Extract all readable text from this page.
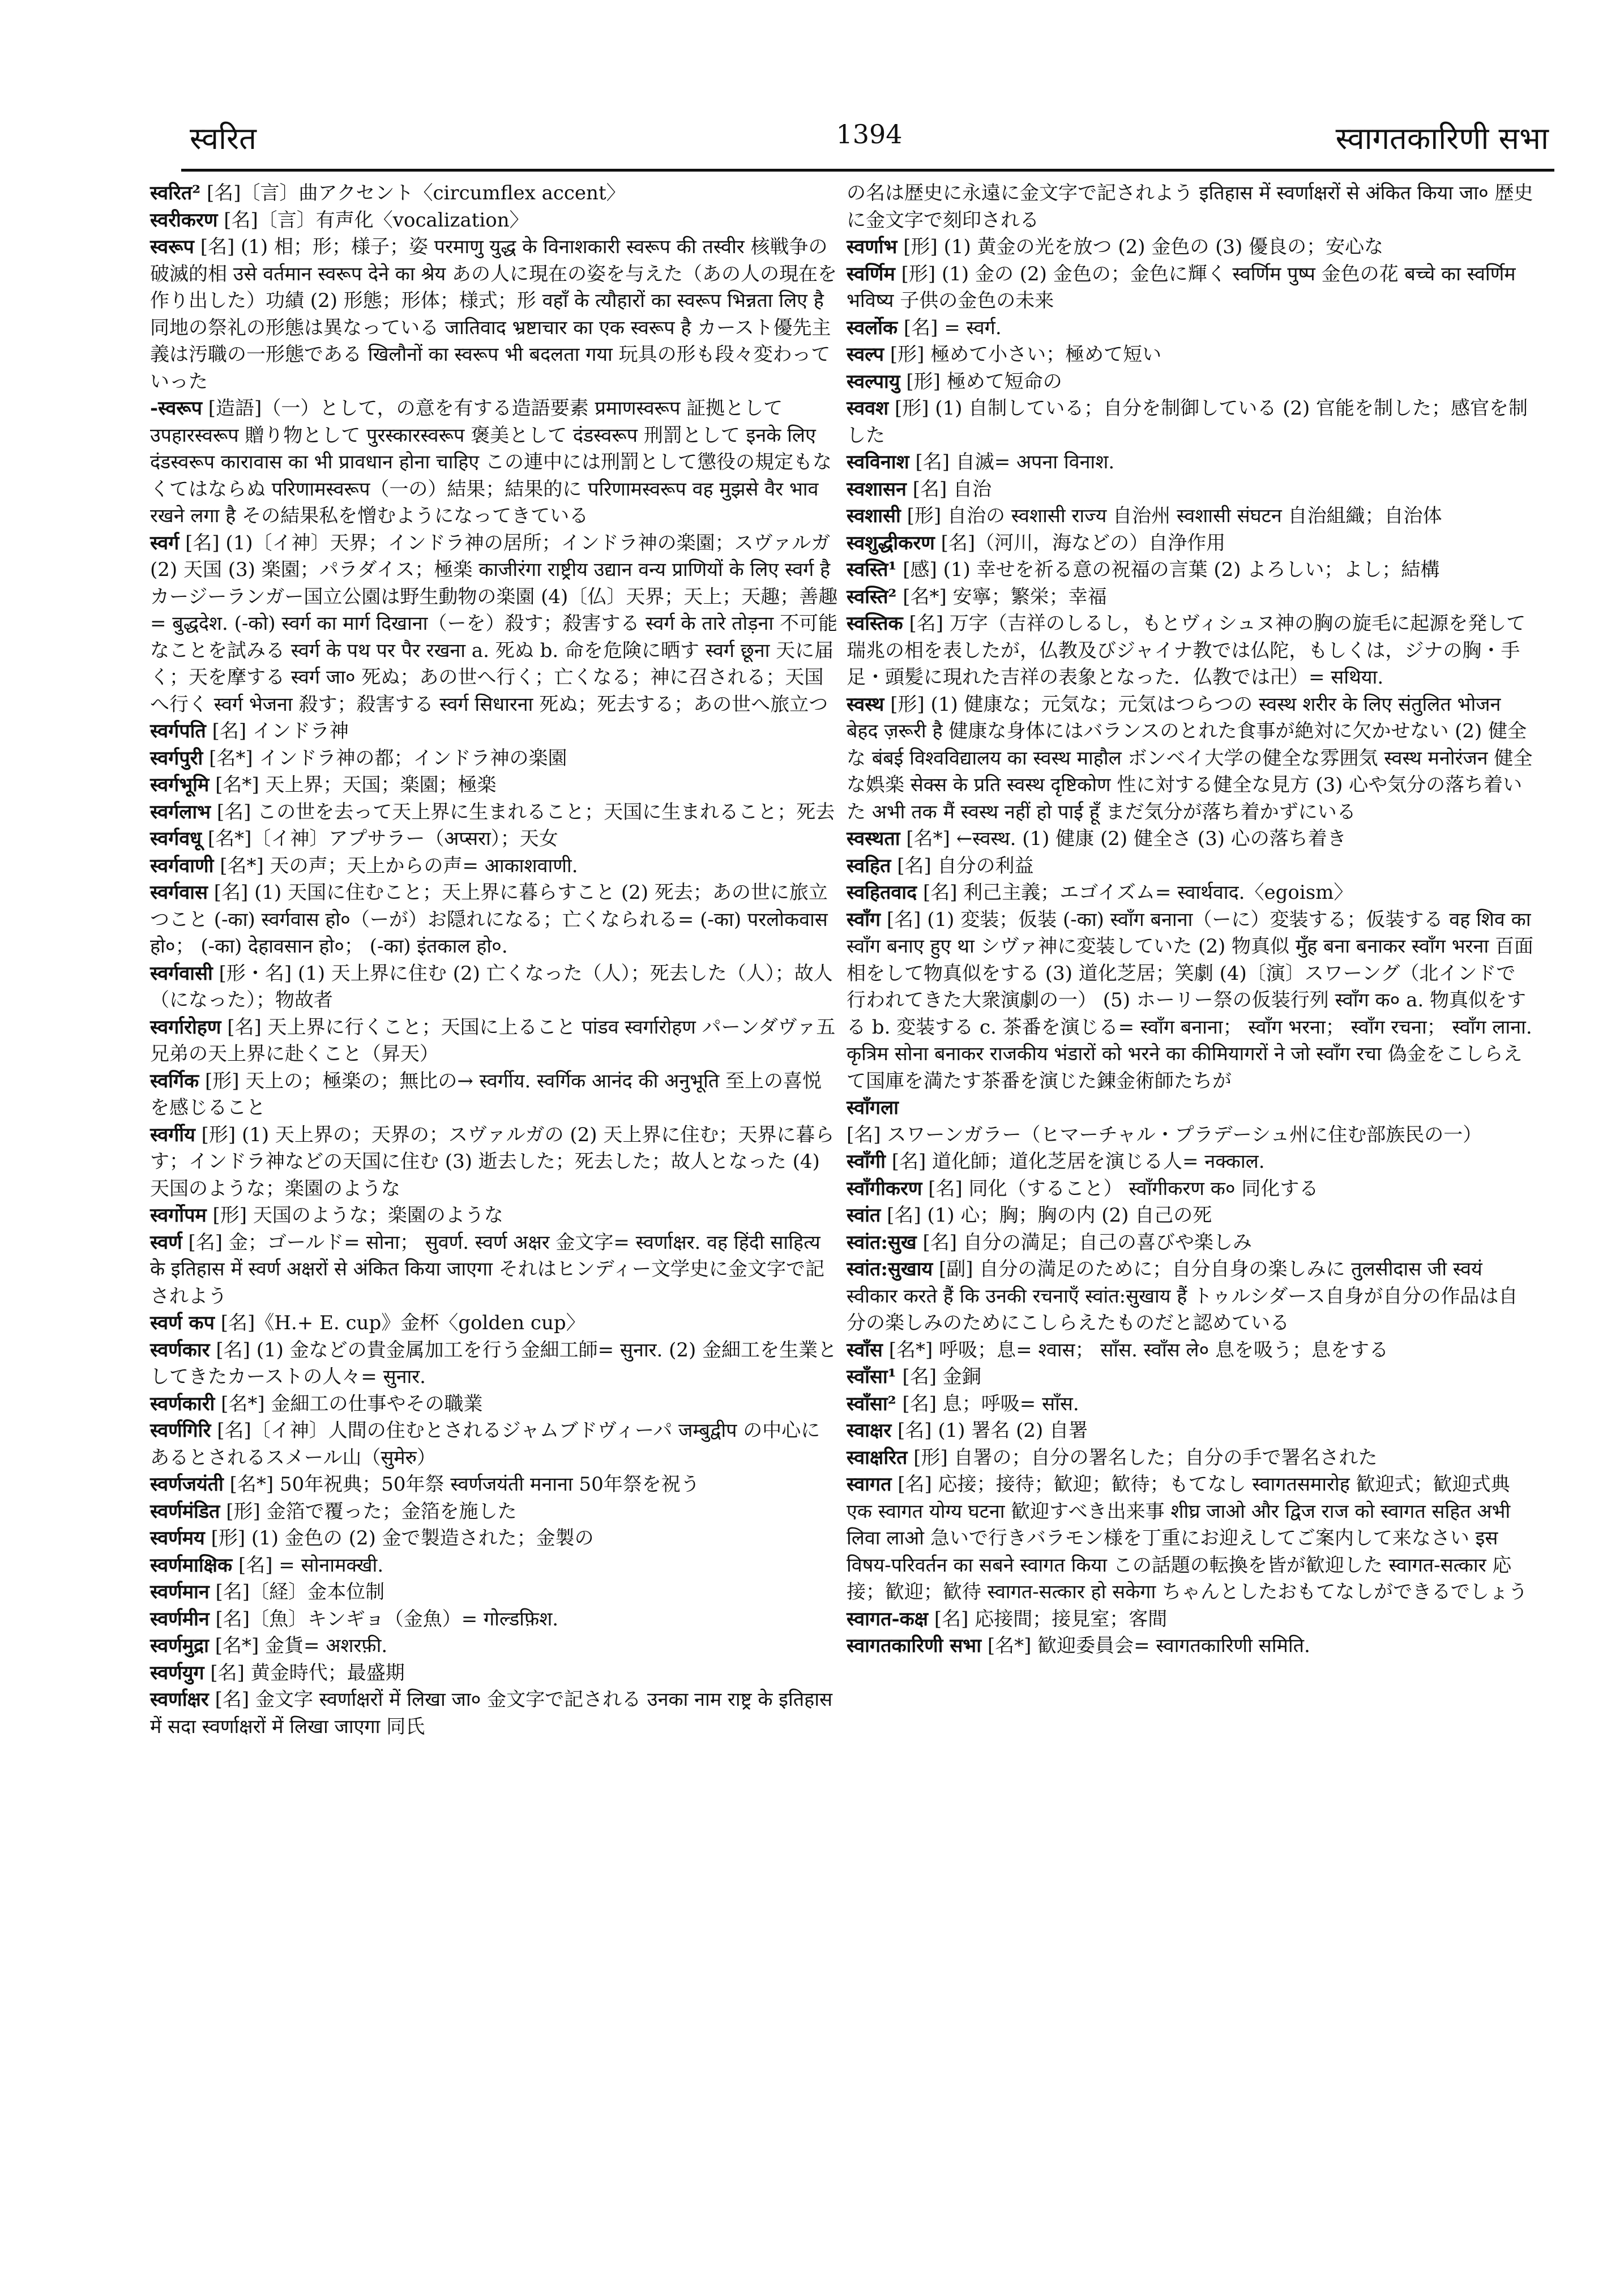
स्वरित	1394	स्वागतकारिणी सभा

स्वरित² [名]〔言〕曲アクセント〈circumflex accent〉

स्वरीकरण [名]〔言〕有声化〈vocalization〉

स्वरूप [名] (1) 相；形；様子；姿 परमाणु युद्ध के विनाशकारी स्वरूप की तस्वीर 核戦争の破滅的相 उसे वर्तमान स्वरूप देने का श्रेय あの人に現在の姿を与えた（あの人の現在を作り出した）功績 (2) 形態；形体；様式；形 वहाँ के त्यौहारों का स्वरूप भिन्नता लिए है 同地の祭礼の形態は異なっている जातिवाद भ्रष्टाचार का एक स्वरूप है カースト優先主義は汚職の一形態である खिलौनों का स्वरूप भी बदलता गया 玩具の形も段々変わっていった

-स्वरूप [造語]（一）として，の意を有する造語要素 प्रमाणस्वरूप 証拠として उपहारस्वरूप 贈り物として पुरस्कारस्वरूप 褒美として दंडस्वरूप 刑罰として इनके लिए दंडस्वरूप कारावास का भी प्रावधान होना चाहिए この連中には刑罰として懲役の規定もなくてはならぬ परिणामस्वरूप（一の）結果；結果的に परिणामस्वरूप वह मुझसे वैर भाव रखने लगा है その結果私を憎むようになってきている

स्वर्ग [名] (1)〔イ神〕天界；インドラ神の居所；インドラ神の楽園；スヴァルガ (2) 天国 (3) 楽園；パラダイス；極楽 काजीरंगा राष्ट्रीय उद्यान वन्य प्राणियों के लिए स्वर्ग है カージーランガー国立公園は野生動物の楽園 (4)〔仏〕天界；天上；天趣；善趣= बुद्धदेश. (-को) स्वर्ग का मार्ग दिखाना（ーを）殺す；殺害する स्वर्ग के तारे तोड़ना 不可能なことを試みる स्वर्ग के पथ पर पैर रखना a. 死ぬ b. 命を危険に晒す स्वर्ग छूना 天に届く；天を摩する स्वर्ग जा० 死ぬ；あの世へ行く；亡くなる；神に召される；天国へ行く स्वर्ग भेजना 殺す；殺害する स्वर्ग सिधारना 死ぬ；死去する；あの世へ旅立つ

स्वर्गपति [名] インドラ神

स्वर्गपुरी [名*] インドラ神の都；インドラ神の楽園

स्वर्गभूमि [名*] 天上界；天国；楽園；極楽

स्वर्गलाभ [名] この世を去って天上界に生まれること；天国に生まれること；死去

स्वर्गवधू [名*]〔イ神〕アプサラー（अप्सरा）；天女

स्वर्गवाणी [名*] 天の声；天上からの声= आकाशवाणी.

स्वर्गवास [名] (1) 天国に住むこと；天上界に暮らすこと (2) 死去；あの世に旅立つこと (-का) स्वर्गवास हो०（ーが）お隠れになる；亡くなられる= (-का) परलोकवास हो०； (-का) देहावसान हो०； (-का) इंतकाल हो०.

स्वर्गवासी [形・名] (1) 天上界に住む (2) 亡くなった（人）；死去した（人）；故人（になった）；物故者

स्वर्गारोहण [名] 天上界に行くこと；天国に上ること पांडव स्वर्गारोहण パーンダヴァ五兄弟の天上界に赴くこと（昇天）

स्वर्गिक [形] 天上の；極楽の；無比の→ स्वर्गीय. स्वर्गिक आनंद की अनुभूति 至上の喜悦を感じること

स्वर्गीय [形] (1) 天上界の；天界の；スヴァルガの (2) 天上界に住む；天界に暮らす；インドラ神などの天国に住む (3) 逝去した；死去した；故人となった (4) 天国のような；楽園のような

स्वर्गोपम [形] 天国のような；楽園のような

स्वर्ण [名] 金；ゴールド= सोना； सुवर्ण. स्वर्ण अक्षर 金文字= स्वर्णाक्षर. वह हिंदी साहित्य के इतिहास में स्वर्ण अक्षरों से अंकित किया जाएगा それはヒンディー文学史に金文字で記されよう

स्वर्ण कप [名]《H.+ E. cup》金杯〈golden cup〉

स्वर्णकार [名] (1) 金などの貴金属加工を行う金細工師= सुनार. (2) 金細工を生業としてきたカーストの人々= सुनार.

स्वर्णकारी [名*] 金細工の仕事やその職業

स्वर्णगिरि [名]〔イ神〕人間の住むとされるジャムブドヴィーパ जम्बुद्वीप の中心にあるとされるスメール山（सुमेरु）

स्वर्णजयंती [名*] 50年祝典；50年祭 स्वर्णजयंती मनाना 50年祭を祝う

स्वर्णमंडित [形] 金箔で覆った；金箔を施した

स्वर्णमय [形] (1) 金色の (2) 金で製造された；金製の

स्वर्णमाक्षिक [名] = सोनामक्खी.

स्वर्णमान [名]〔経〕金本位制

स्वर्णमीन [名]〔魚〕キンギョ（金魚）= गोल्डफ़िश.

स्वर्णमुद्रा [名*] 金貨= अशरफ़ी.

स्वर्णयुग [名] 黄金時代；最盛期

स्वर्णाक्षर [名] 金文字 स्वर्णाक्षरों में लिखा जा० 金文字で記される उनका नाम राष्ट्र के इतिहास में सदा स्वर्णाक्षरों में लिखा जाएगा 同氏

の名は歴史に永遠に金文字で記されよう इतिहास में स्वर्णाक्षरों से अंकित किया जा० 歴史に金文字で刻印される

स्वर्णाभ [形] (1) 黄金の光を放つ (2) 金色の (3) 優良の；安心な

स्वर्णिम [形] (1) 金の (2) 金色の；金色に輝く स्वर्णिम पुष्प 金色の花 बच्चे का स्वर्णिम भविष्य 子供の金色の未来

स्वर्लोक [名] = स्वर्ग.

स्वल्प [形] 極めて小さい；極めて短い

स्वल्पायु [形] 極めて短命の

स्ववश [形] (1) 自制している；自分を制御している (2) 官能を制した；感官を制した

स्वविनाश [名] 自滅= अपना विनाश.

स्वशासन [名] 自治

स्वशासी [形] 自治の स्वशासी राज्य 自治州 स्वशासी संघटन 自治組織；自治体

स्वशुद्धीकरण [名]（河川，海などの）自浄作用

स्वस्ति¹ [感] (1) 幸せを祈る意の祝福の言葉 (2) よろしい；よし；結構

स्वस्ति² [名*] 安寧；繁栄；幸福

स्वस्तिक [名] 万字（吉祥のしるし，もとヴィシュヌ神の胸の旋毛に起源を発して瑞兆の相を表したが，仏教及びジャイナ教では仏陀，もしくは，ジナの胸・手足・頭髪に現れた吉祥の表象となった．仏教では卍）= सथिया.

स्वस्थ [形] (1) 健康な；元気な；元気はつらつの स्वस्थ शरीर के लिए संतुलित भोजन बेहद ज़रूरी है 健康な身体にはバランスのとれた食事が絶対に欠かせない (2) 健全な बंबई विश्वविद्यालय का स्वस्थ माहौल ボンベイ大学の健全な雰囲気 स्वस्थ मनोरंजन 健全な娯楽 सेक्स के प्रति स्वस्थ दृष्टिकोण 性に対する健全な見方 (3) 心や気分の落ち着いた अभी तक मैं स्वस्थ नहीं हो पाई हूँ まだ気分が落ち着かずにいる

स्वस्थता [名*] ←स्वस्थ. (1) 健康 (2) 健全さ (3) 心の落ち着き

स्वहित [名] 自分の利益

स्वहितवाद [名] 利己主義；エゴイズム= स्वार्थवाद.〈egoism〉

स्वाँग [名] (1) 変装；仮装 (-का) स्वाँग बनाना（ーに）変装する；仮装する वह शिव का स्वाँग बनाए हुए था シヴァ神に変装していた (2) 物真似 मुँह बना बनाकर स्वाँग भरना 百面相をして物真似をする (3) 道化芝居；笑劇 (4)〔演〕スワーング（北インドで行われてきた大衆演劇の一） (5) ホーリー祭の仮装行列 स्वाँग क० a. 物真似をする b. 変装する c. 茶番を演じる= स्वाँग बनाना； स्वाँग भरना； स्वाँग रचना； स्वाँग लाना. कृत्रिम सोना बनाकर राजकीय भंडारों को भरने का कीमियागरों ने जो स्वाँग रचा 偽金をこしらえて国庫を満たす茶番を演じた錬金術師たちが

स्वाँगला [名] スワーンガラー（ヒマーチャル・プラデーシュ州に住む部族民の一）

स्वाँगी [名] 道化師；道化芝居を演じる人= नक्काल.

स्वाँगीकरण [名] 同化（すること） स्वाँगीकरण क० 同化する

स्वांत [名] (1) 心；胸；胸の内 (2) 自己の死

स्वांत:सुख [名] 自分の満足；自己の喜びや楽しみ

स्वांत:सुखाय [副] 自分の満足のために；自分自身の楽しみに तुलसीदास जी स्वयं स्वीकार करते हैं कि उनकी रचनाएँ स्वांत:सुखाय हैं トゥルシダース自身が自分の作品は自分の楽しみのためにこしらえたものだと認めている

स्वाँस [名*] 呼吸；息= श्वास； साँस. स्वाँस ले० 息を吸う；息をする

स्वाँसा¹ [名] 金銅

स्वाँसा² [名] 息；呼吸= साँस.

स्वाक्षर [名] (1) 署名 (2) 自署

स्वाक्षरित [形] 自署の；自分の署名した；自分の手で署名された

स्वागत [名] 応接；接待；歓迎；歓待；もてなし स्वागतसमारोह 歓迎式；歓迎式典 एक स्वागत योग्य घटना 歓迎すべき出来事 शीघ्र जाओ और द्विज राज को स्वागत सहित अभी लिवा लाओ 急いで行きバラモン様を丁重にお迎えしてご案内して来なさい इस विषय-परिवर्तन का सबने स्वागत किया この話題の転換を皆が歓迎した स्वागत-सत्कार 応接；歓迎；歓待 स्वागत-सत्कार हो सकेगा ちゃんとしたおもてなしができるでしょう

स्वागत-कक्ष [名] 応接間；接見室；客間

स्वागतकारिणी सभा [名*] 歓迎委員会= स्वागतकारिणी समिति.
